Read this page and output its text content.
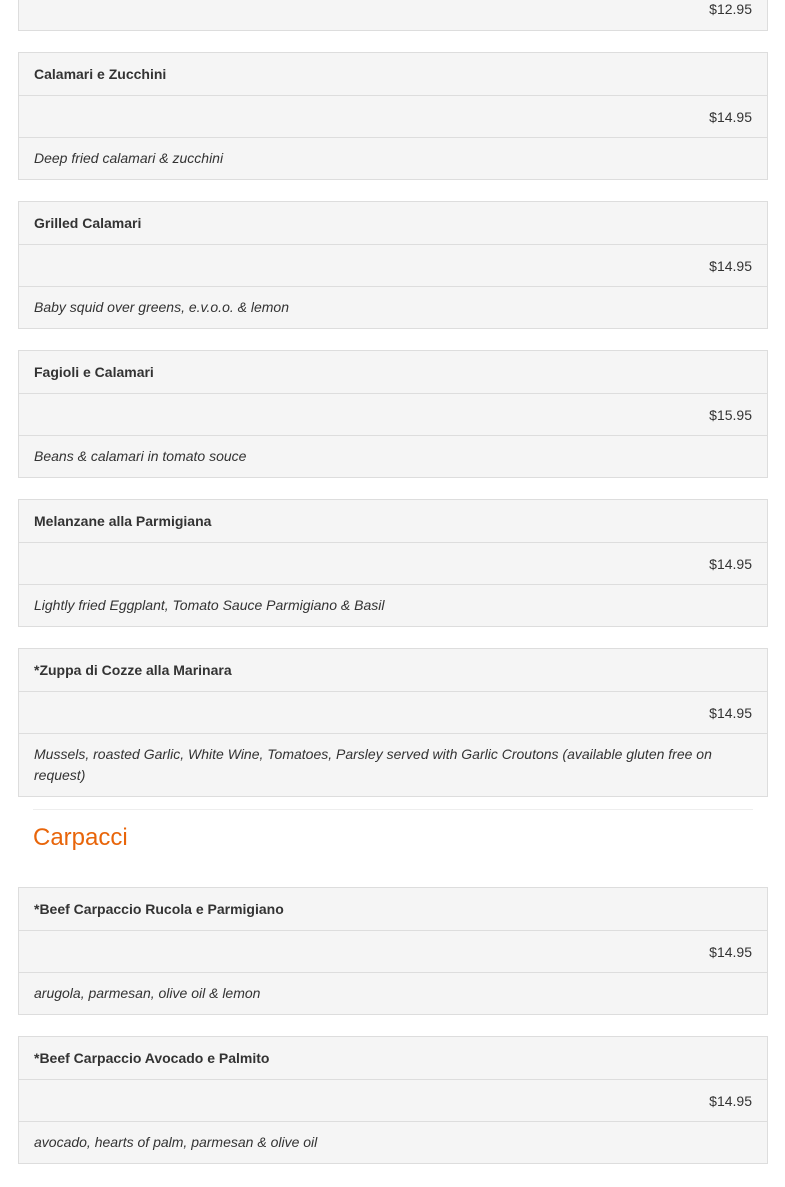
$12.95
Calamari e Zucchini
$14.95
Deep fried calamari & zucchini
Grilled Calamari
$14.95
Baby squid over greens, e.v.o.o. & lemon
Fagioli e Calamari
$15.95
Beans & calamari in tomato souce
Melanzane alla Parmigiana
$14.95
Lightly fried Eggplant, Tomato Sauce Parmigiano & Basil
*Zuppa di Cozze alla Marinara
$14.95
Mussels, roasted Garlic, White Wine, Tomatoes, Parsley served with Garlic Croutons (available gluten free on request)
Carpacci
*Beef Carpaccio Rucola e Parmigiano
$14.95
arugola, parmesan, olive oil & lemon
*Beef Carpaccio Avocado e Palmito
$14.95
avocado, hearts of palm, parmesan & olive oil
